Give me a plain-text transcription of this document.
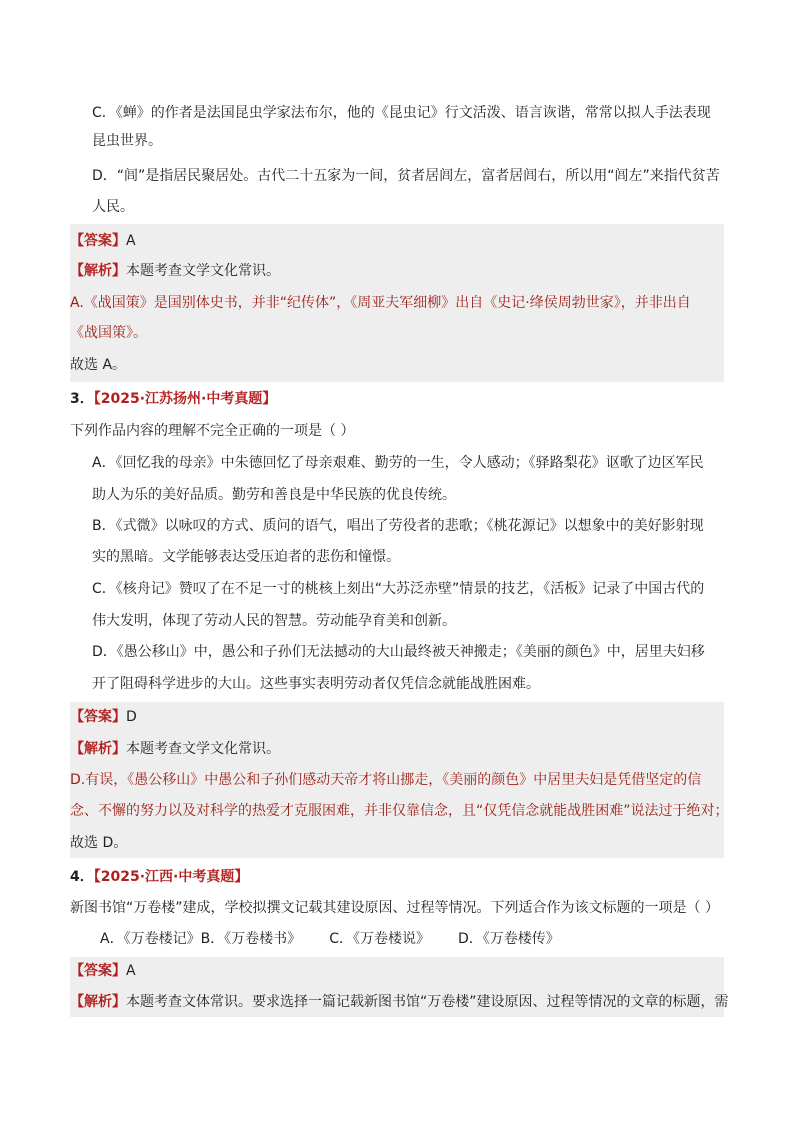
C．《蝉》的作者是法国昆虫学家法布尔，他的《昆虫记》行文活泼、语言诙谐，常常以拟人手法表现
昆虫世界。
D．“闾”是指居民聚居处。古代二十五家为一间，贫者居闾左，富者居闾右，所以用“闾左”来指代贫苦
人民。
【答案】A
【解析】本题考查文学文化常识。
A.《战国策》是国别体史书，并非“纪传体”，《周亚夫军细柳》出自《史记·绛侯周勃世家》，并非出自
《战国策》。
故选 A。
3．【2025·江苏扬州·中考真题】
下列作品内容的理解不完全正确的一项是（ ）
A．《回忆我的母亲》中朱德回忆了母亲艰难、勤劳的一生，令人感动；《驿路梨花》讴歌了边区军民
助人为乐的美好品质。勤劳和善良是中华民族的优良传统。
B．《式微》以咏叹的方式、质问的语气，唱出了劳役者的悲歌；《桃花源记》以想象中的美好影射现
实的黑暗。文学能够表达受压迫者的悲伤和憧憬。
C．《核舟记》赞叹了在不足一寸的桃核上刻出“大苏泛赤壁”情景的技艺，《活板》记录了中国古代的
伟大发明，体现了劳动人民的智慧。劳动能孕育美和创新。
D．《愚公移山》中，愚公和子孙们无法撼动的大山最终被天神搬走；《美丽的颜色》中，居里夫妇移
开了阻碍科学进步的大山。这些事实表明劳动者仅凭信念就能战胜困难。
【答案】D
【解析】本题考查文学文化常识。
D.有误，《愚公移山》中愚公和子孙们感动天帝才将山挪走，《美丽的颜色》中居里夫妇是凭借坚定的信
念、不懈的努力以及对科学的热爱才克服困难，并非仅靠信念，且“仅凭信念就能战胜困难”说法过于绝对；
故选 D。
4．【2025·江西·中考真题】
新图书馆“万卷楼”建成，学校拟撰文记载其建设原因、过程等情况。下列适合作为该文标题的一项是（ ）
A．《万卷楼记》B．《万卷楼书》 C．《万卷楼说》 D．《万卷楼传》
【答案】A
【解析】本题考查文体常识。要求选择一篇记载新图书馆“万卷楼”建设原因、过程等情况的文章的标题，需
